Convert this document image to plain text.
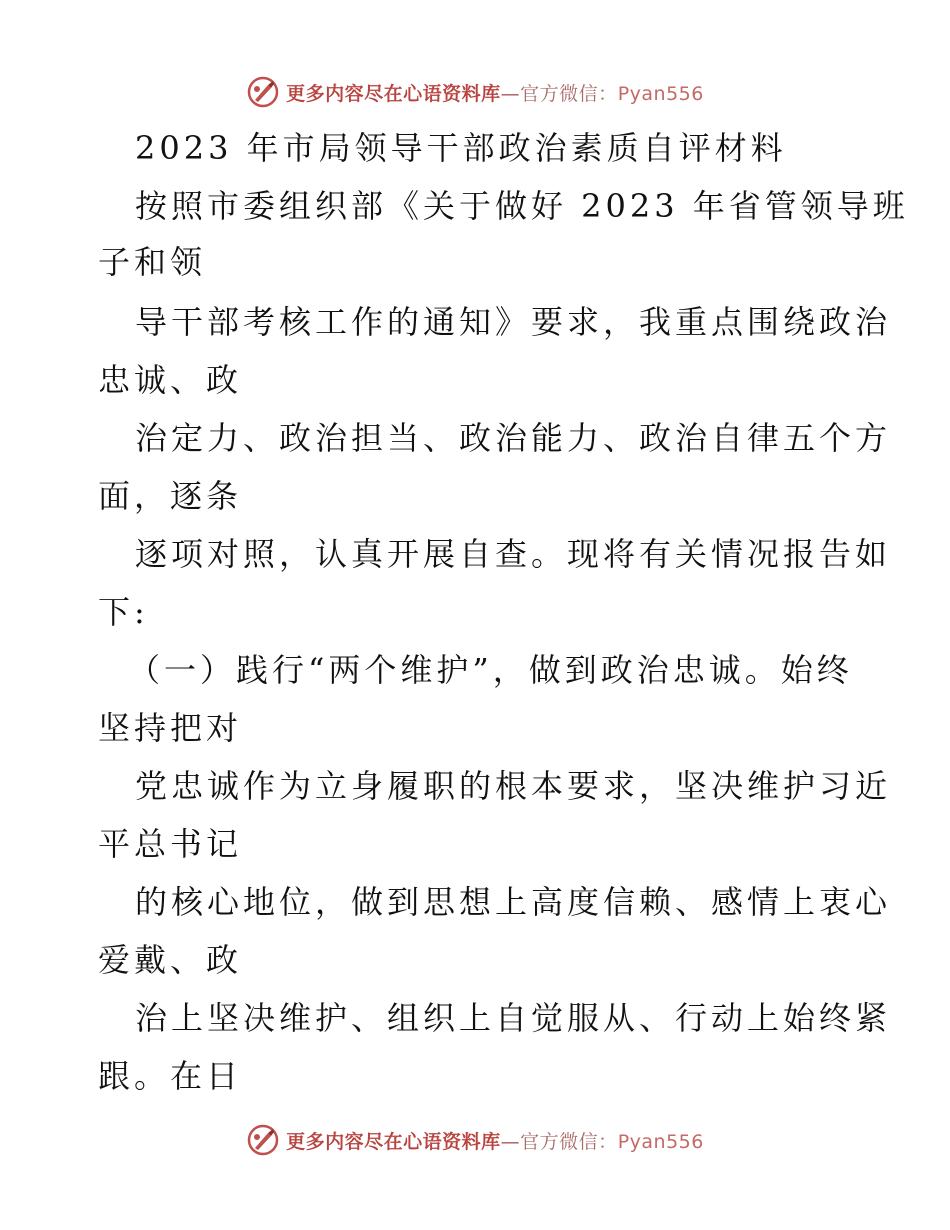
更多内容尽在心语资料库—官方微信：Pyan556
2023 年市局领导干部政治素质自评材料
按照市委组织部《关于做好 2023 年省管领导班
子和领
导干部考核工作的通知》要求，我重点围绕政治
忠诚、政
治定力、政治担当、政治能力、政治自律五个方
面，逐条
逐项对照，认真开展自查。现将有关情况报告如
下:
（一）践行“两个维护”，做到政治忠诚。始终
坚持把对
党忠诚作为立身履职的根本要求，坚决维护习近
平总书记
的核心地位，做到思想上高度信赖、感情上衷心
爱戴、政
治上坚决维护、组织上自觉服从、行动上始终紧
跟。在日
更多内容尽在心语资料库—官方微信：Pyan556
